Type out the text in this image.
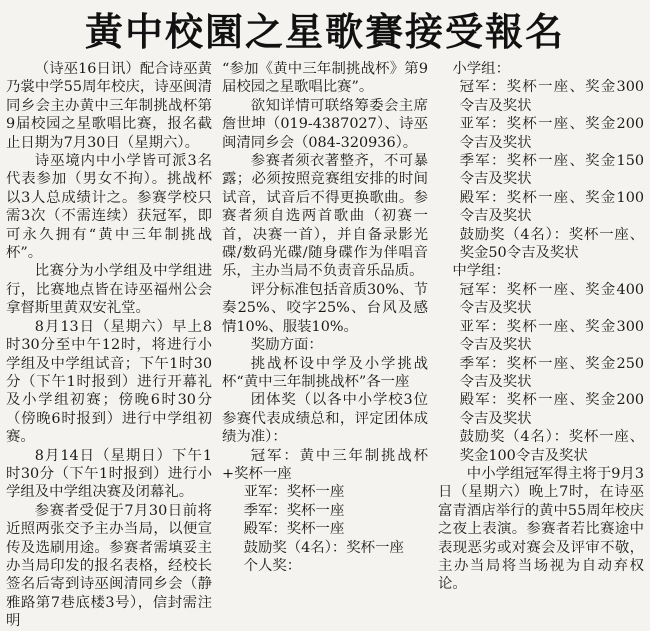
黃中校園之星歌賽接受報名

（诗巫16日讯）配合诗巫黄乃裳中学55周年校庆，诗巫闽清同乡会主办黄中三年制挑战杯第9届校园之星歌唱比赛，报名截止日期为7月30日（星期六）。

诗巫境内中小学皆可派3名代表参加（男女不拘）。挑战杯以3人总成绩计之。参赛学校只需3次（不需连续）获冠军，即可永久拥有“黄中三年制挑战杯”。

比赛分为小学组及中学组进行，比赛地点皆在诗巫福州公会拿督斯里黄双安礼堂。

8月13日（星期六）早上8时30分至中午12时，将进行小学组及中学组试音；下午1时30分（下午1时报到）进行开幕礼及小学组初赛；傍晚6时30分（傍晚6时报到）进行中学组初赛。

8月14日（星期日）下午1时30分（下午1时报到）进行小学组及中学组决赛及闭幕礼。

参赛者受促于7月30日前将近照两张交予主办当局，以便宣传及选刷用途。参赛者需填妥主办当局印发的报名表格，经校长签名后寄到诗巫闽清同乡会（静雅路第7巷底楼3号），信封需注明

“参加《黄中三年制挑战杯》第9届校园之星歌唱比赛”。

欲知详情可联络筹委会主席詹世坤（019-4387027）、诗巫闽清同乡会（084-320936）。

参赛者须衣著整齐，不可暴露；必须按照竞赛组安排的时间试音，试音后不得更换歌曲。参赛者须自选两首歌曲（初赛一首，决赛一首），并自备录影光碟/数码光碟/随身碟作为伴唱音乐，主办当局不负责音乐品质。

评分标准包括音质30%、节奏25%、咬字25%、台风及感情10%、服装10%。

奖励方面：

挑战杯设中学及小学挑战杯“黄中三年制挑战杯”各一座

团体奖（以各中小学校3位参赛代表成绩总和，评定团体成绩为准）：

冠军：黄中三年制挑战杯+奖杯一座

亚军：奖杯一座

季军：奖杯一座

殿军：奖杯一座

鼓励奖（4名）：奖杯一座

个人奖：

小学组：

冠军：奖杯一座、奖金300令吉及奖状

亚军：奖杯一座、奖金200令吉及奖状

季军：奖杯一座、奖金150令吉及奖状

殿军：奖杯一座、奖金100令吉及奖状

鼓励奖（4名）：奖杯一座、奖金50令吉及奖状

中学组：

冠军：奖杯一座、奖金400令吉及奖状

亚军：奖杯一座、奖金300令吉及奖状

季军：奖杯一座、奖金250令吉及奖状

殿军：奖杯一座、奖金200令吉及奖状

鼓励奖（4名）：奖杯一座、奖金100令吉及奖状

中小学组冠军得主将于9月3日（星期六）晚上7时，在诗巫富青酒店举行的黄中55周年校庆之夜上表演。参赛者若比赛途中表现恶劣或对赛会及评审不敬，主办当局将当场视为自动弃权论。
